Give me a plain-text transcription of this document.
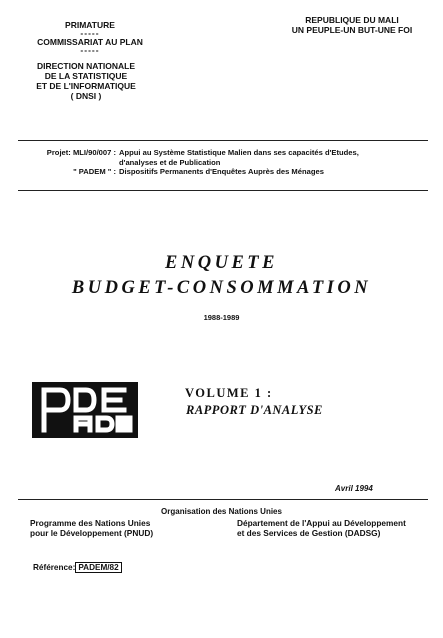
PRIMATURE
-----
COMMISSARIAT AU PLAN
-----
DIRECTION NATIONALE
DE LA STATISTIQUE
ET DE L'INFORMATIQUE
( DNSI )
REPUBLIQUE DU MALI
UN PEUPLE-UN BUT-UNE FOI
Projet: MLI/90/007 : Appui au Système Statistique Malien dans ses capacités d'Etudes,
d'analyses et de Publication
" PADEM " : Dispositifs Permanents d'Enquêtes Auprès des Ménages
ENQUETE
BUDGET-CONSOMMATION
1988-1989
VOLUME 1 :
RAPPORT D'ANALYSE
Avril 1994
Organisation des Nations Unies
Programme des Nations Unies
pour le Développement (PNUD)
Département de l'Appui au Développement
et des Services de Gestion (DADSG)
Référence: PADEM/82
